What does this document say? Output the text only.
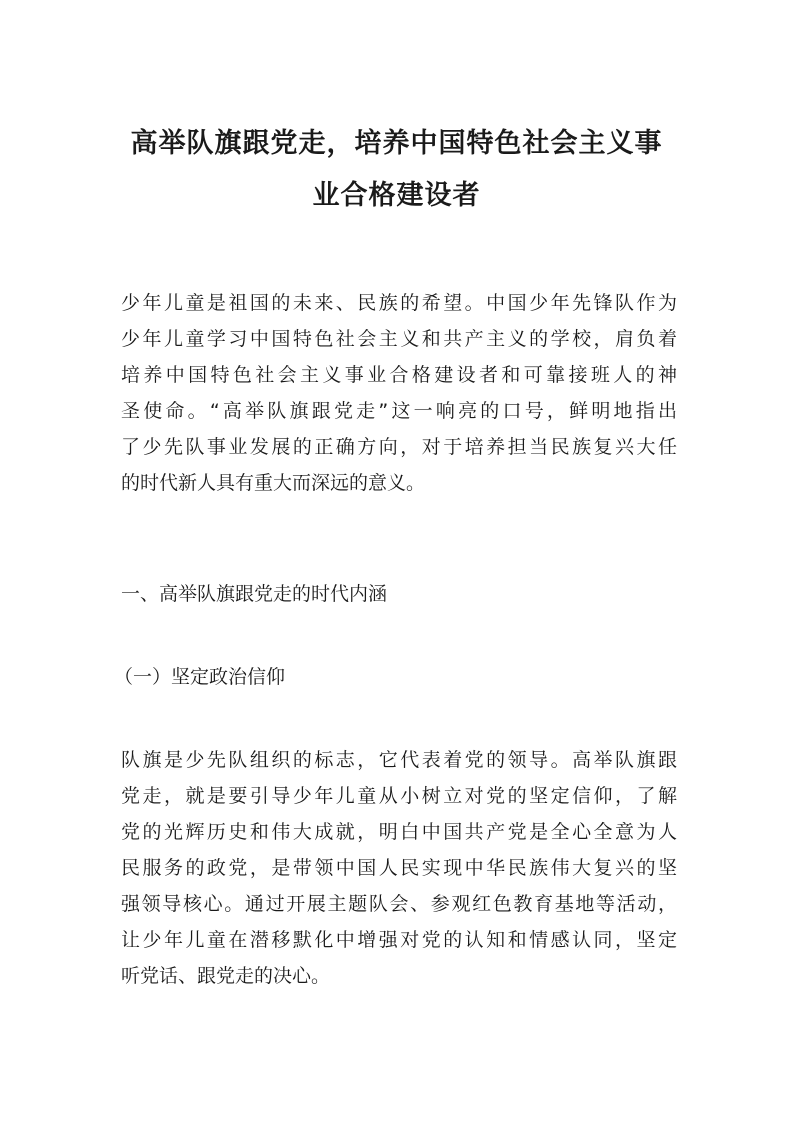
高举队旗跟党走，培养中国特色社会主义事
业合格建设者
少年儿童是祖国的未来、民族的希望。中国少年先锋队作为
少年儿童学习中国特色社会主义和共产主义的学校，肩负着
培养中国特色社会主义事业合格建设者和可靠接班人的神
圣使命。“高举队旗跟党走”这一响亮的口号，鲜明地指出
了少先队事业发展的正确方向，对于培养担当民族复兴大任
的时代新人具有重大而深远的意义。
一、高举队旗跟党走的时代内涵
（一）坚定政治信仰
队旗是少先队组织的标志，它代表着党的领导。高举队旗跟
党走，就是要引导少年儿童从小树立对党的坚定信仰，了解
党的光辉历史和伟大成就，明白中国共产党是全心全意为人
民服务的政党，是带领中国人民实现中华民族伟大复兴的坚
强领导核心。通过开展主题队会、参观红色教育基地等活动，
让少年儿童在潜移默化中增强对党的认知和情感认同，坚定
听党话、跟党走的决心。
